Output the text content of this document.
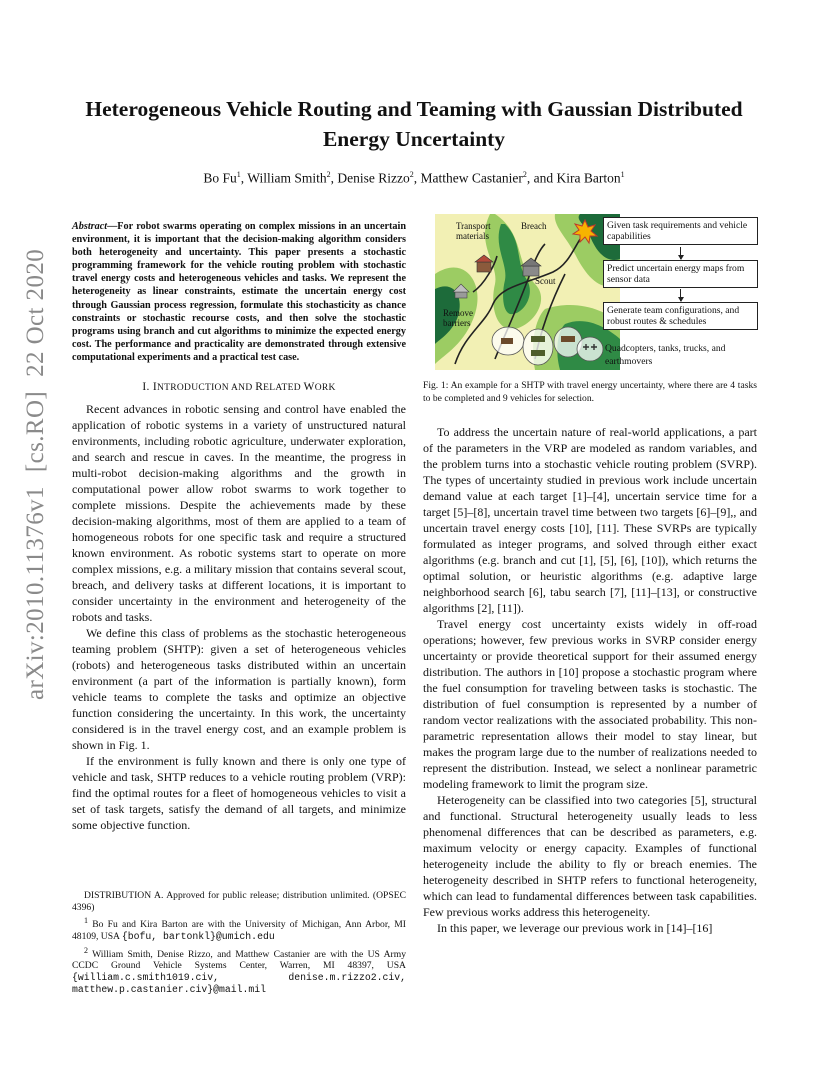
Heterogeneous Vehicle Routing and Teaming with Gaussian Distributed
Energy Uncertainty
Bo Fu$^1$, William Smith$^2$, Denise Rizzo$^2$, Matthew Castanier$^2$, and Kira Barton$^1$
arXiv:2010.11376v1[cs.RO]22 Oct 2020

Abstract—For robot swarms operating on complex missions in an uncertain environment, it is important that the decision-making algorithm considers both heterogeneity and uncertainty. This paper presents a stochastic programming framework for the vehicle routing problem with stochastic travel energy costs and heterogeneous vehicles and tasks. We represent the heterogeneity as linear constraints, estimate the uncertain energy cost through Gaussian process regression, formulate this stochasticity as chance constraints or stochastic recourse costs, and then solve the stochastic programs using branch and cut algorithms to minimize the expected energy cost. The performance and practicality are demonstrated through extensive computational experiments and a practical test case.

I. INTRODUCTION AND RELATED WORK

Recent advances in robotic sensing and control have enabled the application of robotic systems in a variety of unstructured natural environments, including robotic agriculture, underwater exploration, and search and rescue in caves. In the meantime, the progress in multi-robot decision-making algorithms and the growth in computational power allow robot swarms to work together to complete missions. Despite the achievements made by these decision-making algorithms, most of them are applied to a team of homogeneous robots for one specific task and require a structured known environment. As robotic systems start to operate on more complex missions, e.g. a military mission that contains several scout, breach, and delivery tasks at different locations, it is important to consider uncertainty in the environment and heterogeneity of the robots and tasks.

We define this class of problems as the stochastic heterogeneous teaming problem (SHTP): given a set of heterogeneous vehicles (robots) and heterogeneous tasks distributed within an uncertain environment (a part of the information is partially known), form vehicle teams to complete the tasks and optimize an objective function considering the uncertainty. In this work, the uncertainty considered is in the travel energy cost, and an example problem is shown in Fig. 1.

If the environment is fully known and there is only one type of vehicle and task, SHTP reduces to a vehicle routing problem (VRP): find the optimal routes for a fleet of homogeneous vehicles to visit a set of task targets, satisfy the demand of all targets, and minimize some objective function.

DISTRIBUTION A. Approved for public release; distribution unlimited. (OPSEC 4396)

$^1$ Bo Fu and Kira Barton are with the University of Michigan, Ann Arbor, MI 48109, USA {bofu, bartonkl}@umich.edu

$^2$ William Smith, Denise Rizzo, and Matthew Castanier are with the US Army CCDC Ground Vehicle Systems Center, Warren, MI 48397, USA {william.c.smith1019.civ, denise.m.rizzo2.civ, matthew.p.castanier.civ}@mail.mil

Transport materials
Breach
Scout
Remove barriers
Given task requirements and vehicle capabilities
Predict uncertain energy maps from sensor data
Generate team configurations, and robust routes & schedules
Quadcopters, tanks, trucks, and earthmovers

Fig. 1: An example for a SHTP with travel energy uncertainty, where there are 4 tasks to be completed and 9 vehicles for selection.

To address the uncertain nature of real-world applications, a part of the parameters in the VRP are modeled as random variables, and the problem turns into a stochastic vehicle routing problem (SVRP). The types of uncertainty studied in previous work include uncertain demand value at each target [1]–[4], uncertain service time for a target [5]–[8], uncertain travel time between two targets [6]–[9],, and uncertain travel energy costs [10], [11]. These SVRPs are typically formulated as integer programs, and solved through either exact algorithms (e.g. branch and cut [1], [5], [6], [10]), which returns the optimal solution, or heuristic algorithms (e.g. adaptive large neighborhood search [6], tabu search [7], [11]–[13], or constructive algorithms [2], [11]).

Travel energy cost uncertainty exists widely in off-road operations; however, few previous works in SVRP consider energy uncertainty or provide theoretical support for their assumed energy distribution. The authors in [10] propose a stochastic program where the fuel consumption for traveling between tasks is stochastic. The distribution of fuel consumption is represented by a number of random vector realizations with the associated probability. This non-parametric representation allows their model to stay linear, but makes the program large due to the number of realizations needed to represent the distribution. Instead, we select a nonlinear parametric modeling framework to limit the program size.

Heterogeneity can be classified into two categories [5], structural and functional. Structural heterogeneity usually leads to less phenomenal differences that can be described as parameters, e.g. maximum velocity or energy capacity. Examples of functional heterogeneity include the ability to fly or breach enemies. The heterogeneity described in SHTP refers to functional heterogeneity, which can lead to fundamental differences between task capabilities. Few previous works address this heterogeneity.

In this paper, we leverage our previous work in [14]–[16]
